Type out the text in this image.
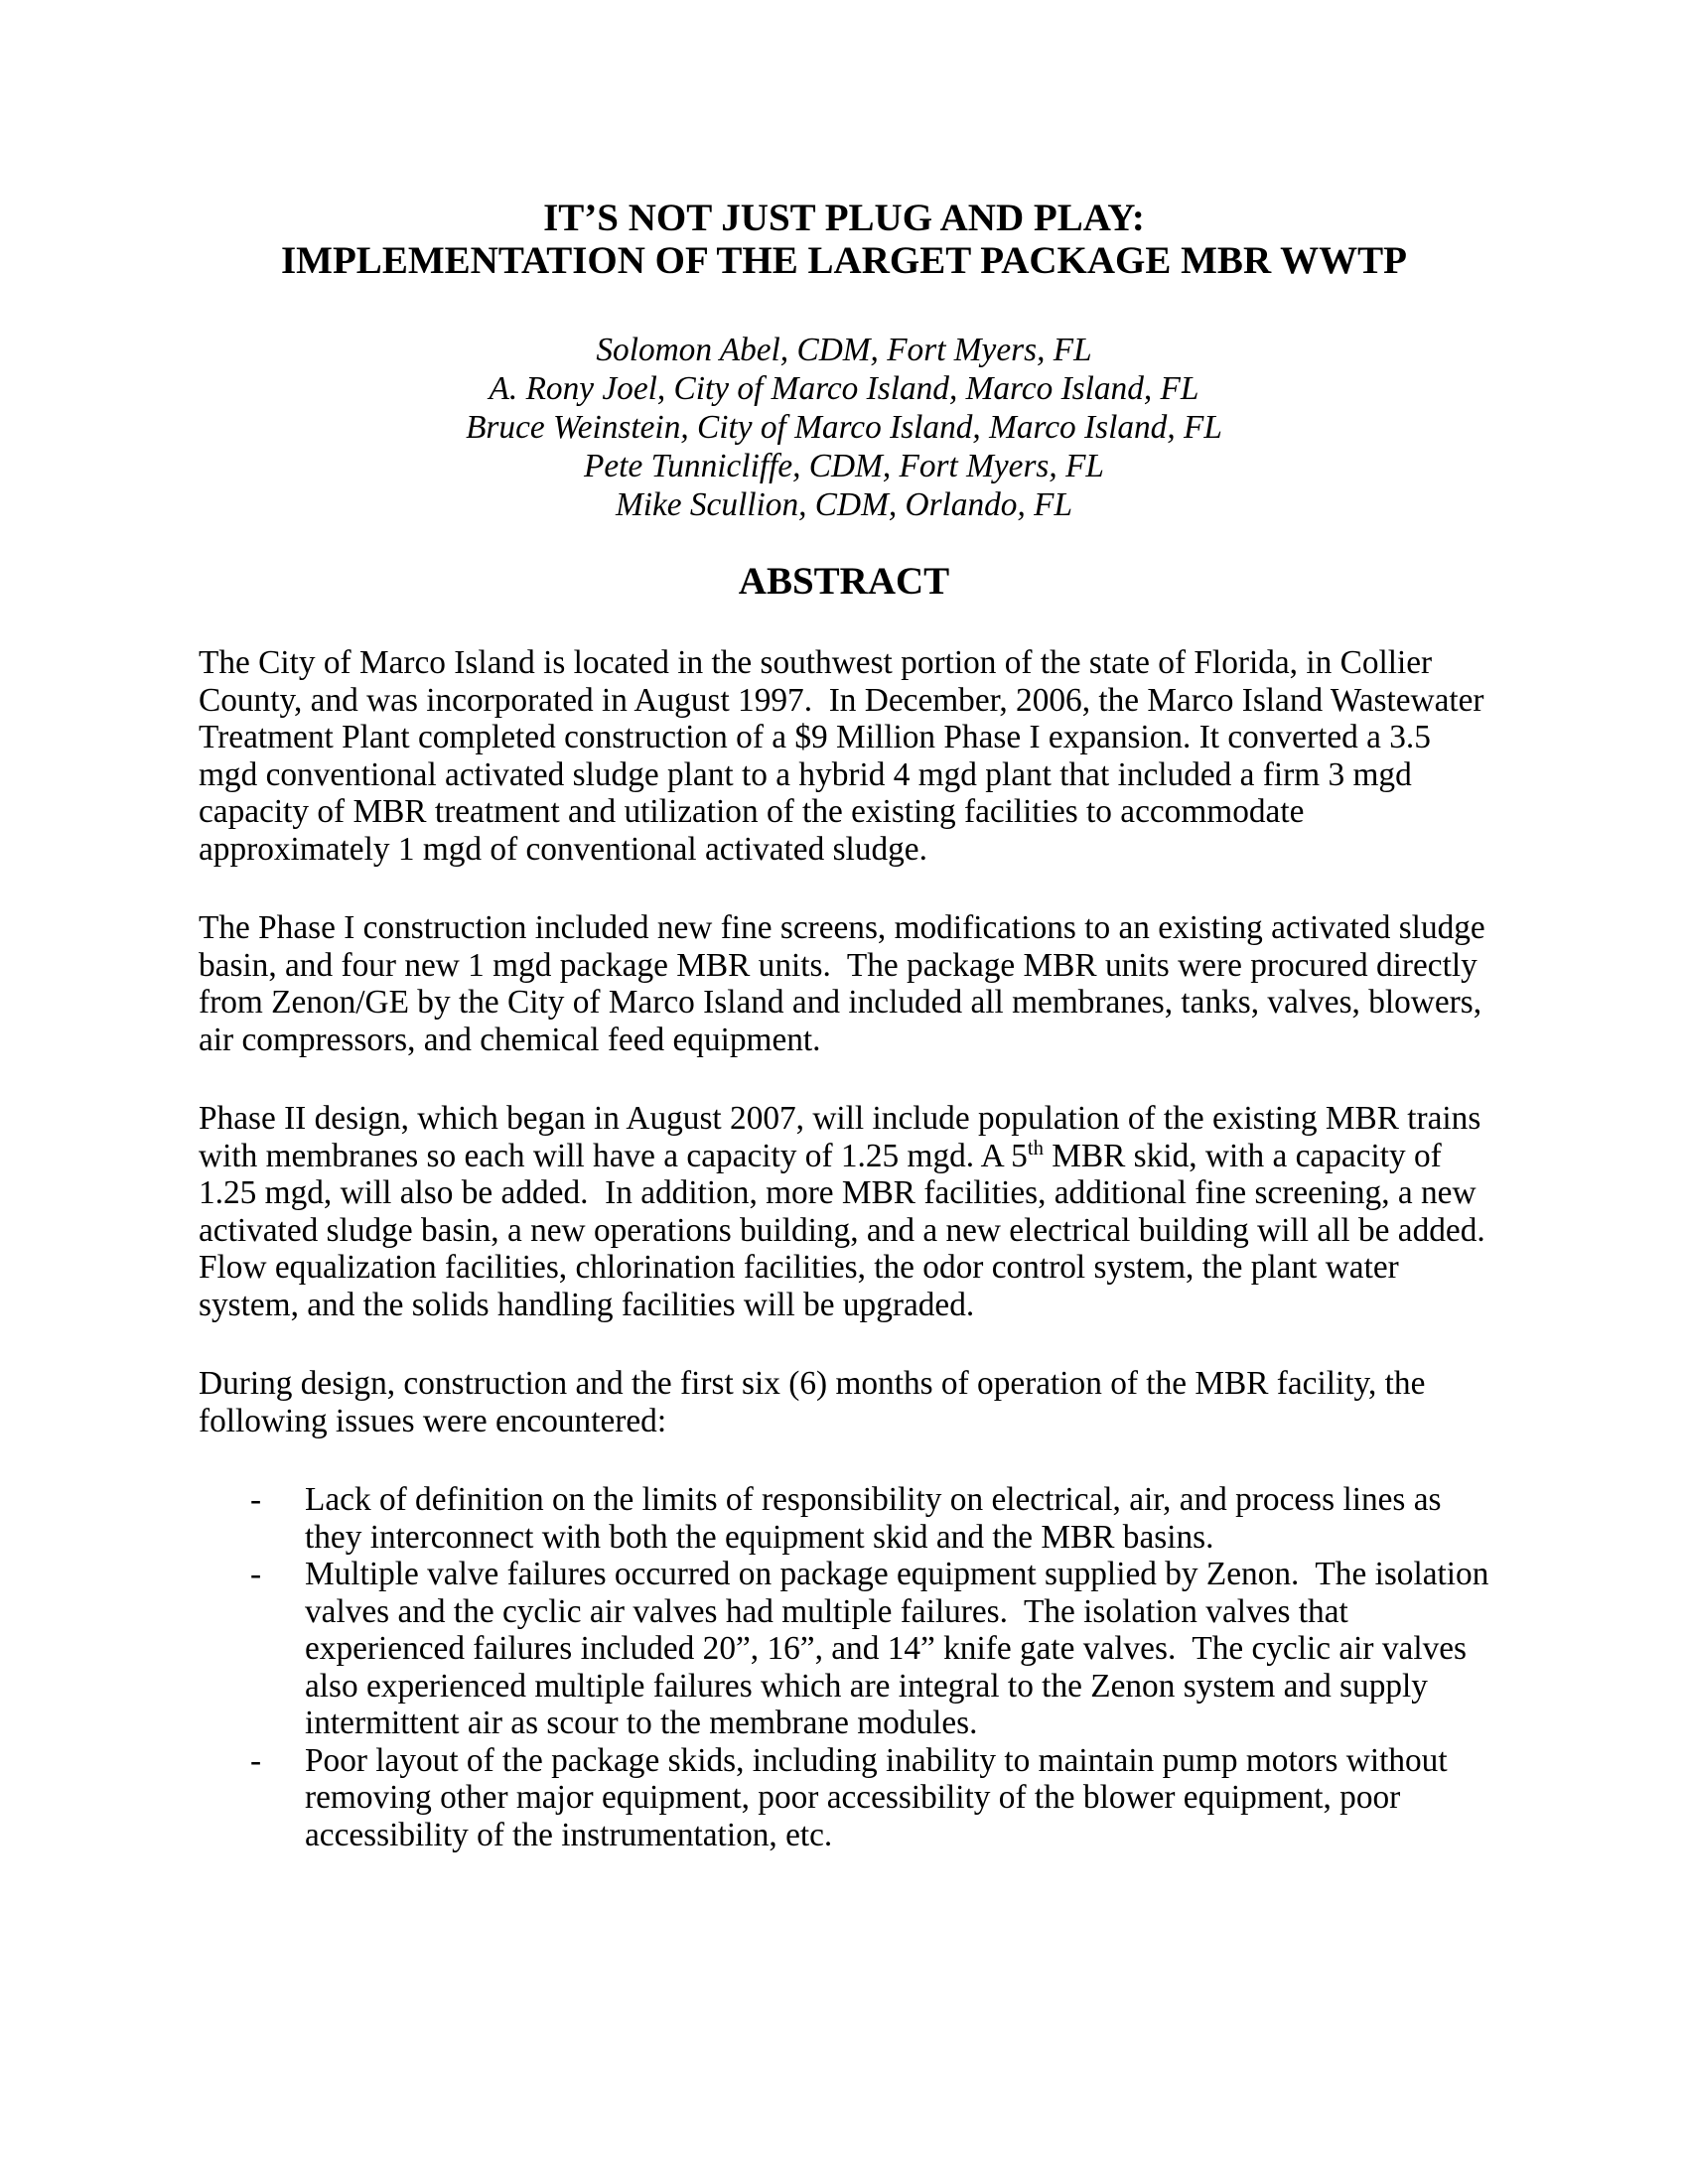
IT’S NOT JUST PLUG AND PLAY:
IMPLEMENTATION OF THE LARGET PACKAGE MBR WWTP
Solomon Abel, CDM, Fort Myers, FL
A. Rony Joel, City of Marco Island, Marco Island, FL
Bruce Weinstein, City of Marco Island, Marco Island, FL
Pete Tunnicliffe, CDM, Fort Myers, FL
Mike Scullion, CDM, Orlando, FL
ABSTRACT

The City of Marco Island is located in the southwest portion of the state of Florida, in Collier County, and was incorporated in August 1997.  In December, 2006, the Marco Island Wastewater Treatment Plant completed construction of a $9 Million Phase I expansion. It converted a 3.5 mgd conventional activated sludge plant to a hybrid 4 mgd plant that included a firm 3 mgd capacity of MBR treatment and utilization of the existing facilities to accommodate approximately 1 mgd of conventional activated sludge.

The Phase I construction included new fine screens, modifications to an existing activated sludge basin, and four new 1 mgd package MBR units.  The package MBR units were procured directly from Zenon/GE by the City of Marco Island and included all membranes, tanks, valves, blowers, air compressors, and chemical feed equipment.

Phase II design, which began in August 2007, will include population of the existing MBR trains with membranes so each will have a capacity of 1.25 mgd. A 5th MBR skid, with a capacity of 1.25 mgd, will also be added.  In addition, more MBR facilities, additional fine screening, a new activated sludge basin, a new operations building, and a new electrical building will all be added. Flow equalization facilities, chlorination facilities, the odor control system, the plant water system, and the solids handling facilities will be upgraded.

During design, construction and the first six (6) months of operation of the MBR facility, the following issues were encountered:

- Lack of definition on the limits of responsibility on electrical, air, and process lines as they interconnect with both the equipment skid and the MBR basins.
- Multiple valve failures occurred on package equipment supplied by Zenon.  The isolation valves and the cyclic air valves had multiple failures.  The isolation valves that experienced failures included 20”, 16”, and 14” knife gate valves.  The cyclic air valves also experienced multiple failures which are integral to the Zenon system and supply intermittent air as scour to the membrane modules.
- Poor layout of the package skids, including inability to maintain pump motors without removing other major equipment, poor accessibility of the blower equipment, poor accessibility of the instrumentation, etc.
